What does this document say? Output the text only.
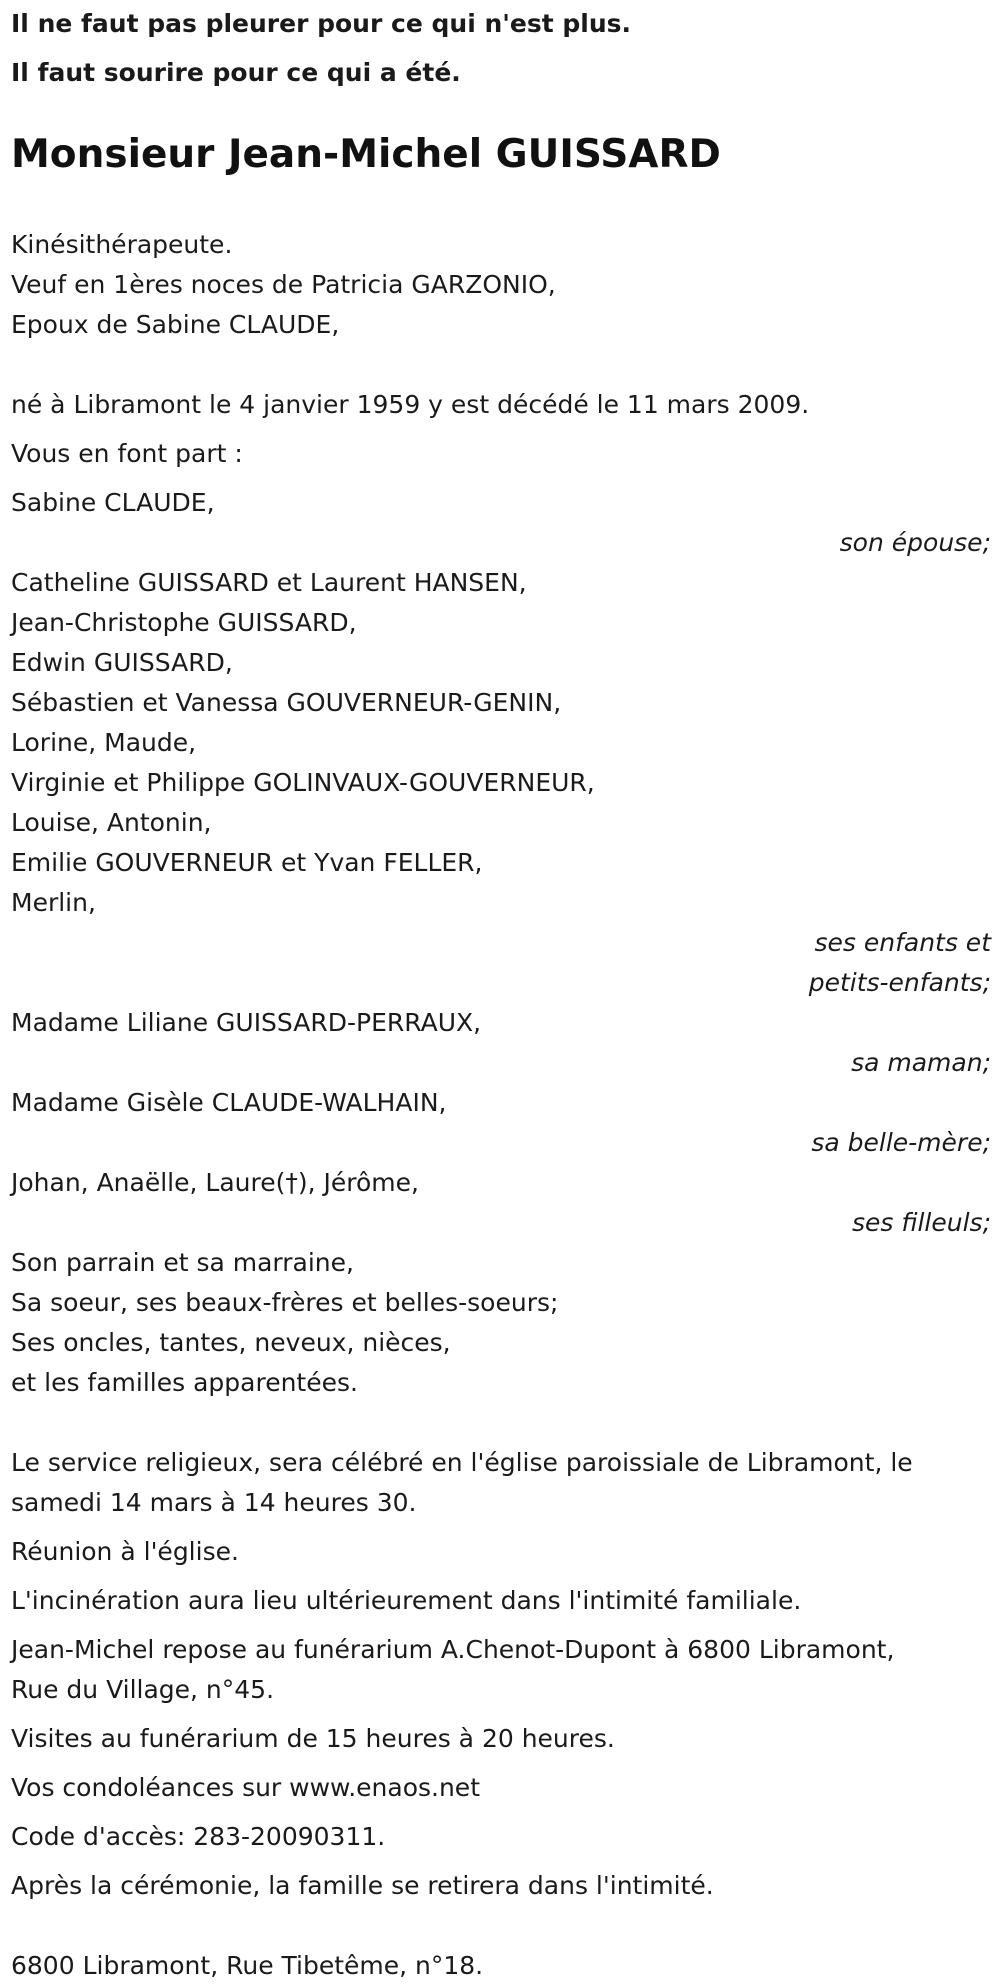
Il ne faut pas pleurer pour ce qui n'est plus.

Il faut sourire pour ce qui a été.

Monsieur Jean-Michel GUISSARD
Kinésithérapeute.
Veuf en 1ères noces de Patricia GARZONIO,
Epoux de Sabine CLAUDE,
né à Libramont le 4 janvier 1959 y est décédé le 11 mars 2009.
Vous en font part :
Sabine CLAUDE,
son épouse;
Catheline GUISSARD et Laurent HANSEN,
Jean-Christophe GUISSARD,
Edwin GUISSARD,
Sébastien et Vanessa GOUVERNEUR-GENIN,
Lorine, Maude,
Virginie et Philippe GOLINVAUX-GOUVERNEUR,
Louise, Antonin,
Emilie GOUVERNEUR et Yvan FELLER,
Merlin,
ses enfants et
petits-enfants;
Madame Liliane GUISSARD-PERRAUX,
sa maman;
Madame Gisèle CLAUDE-WALHAIN,
sa belle-mère;
Johan, Anaëlle, Laure(†), Jérôme,
ses filleuls;
Son parrain et sa marraine,
Sa soeur, ses beaux-frères et belles-soeurs;
Ses oncles, tantes, neveux, nièces,
et les familles apparentées.
Le service religieux, sera célébré en l'église paroissiale de Libramont, le samedi 14 mars à 14 heures 30.
Réunion à l'église.
L'incinération aura lieu ultérieurement dans l'intimité familiale.
Jean-Michel repose au funérarium A.Chenot-Dupont à 6800 Libramont,
Rue du Village, n°45.
Visites au funérarium de 15 heures à 20 heures.
Vos condoléances sur www.enaos.net
Code d'accès: 283-20090311.
Après la cérémonie, la famille se retirera dans l'intimité.
6800 Libramont, Rue Tibetême, n°18.
